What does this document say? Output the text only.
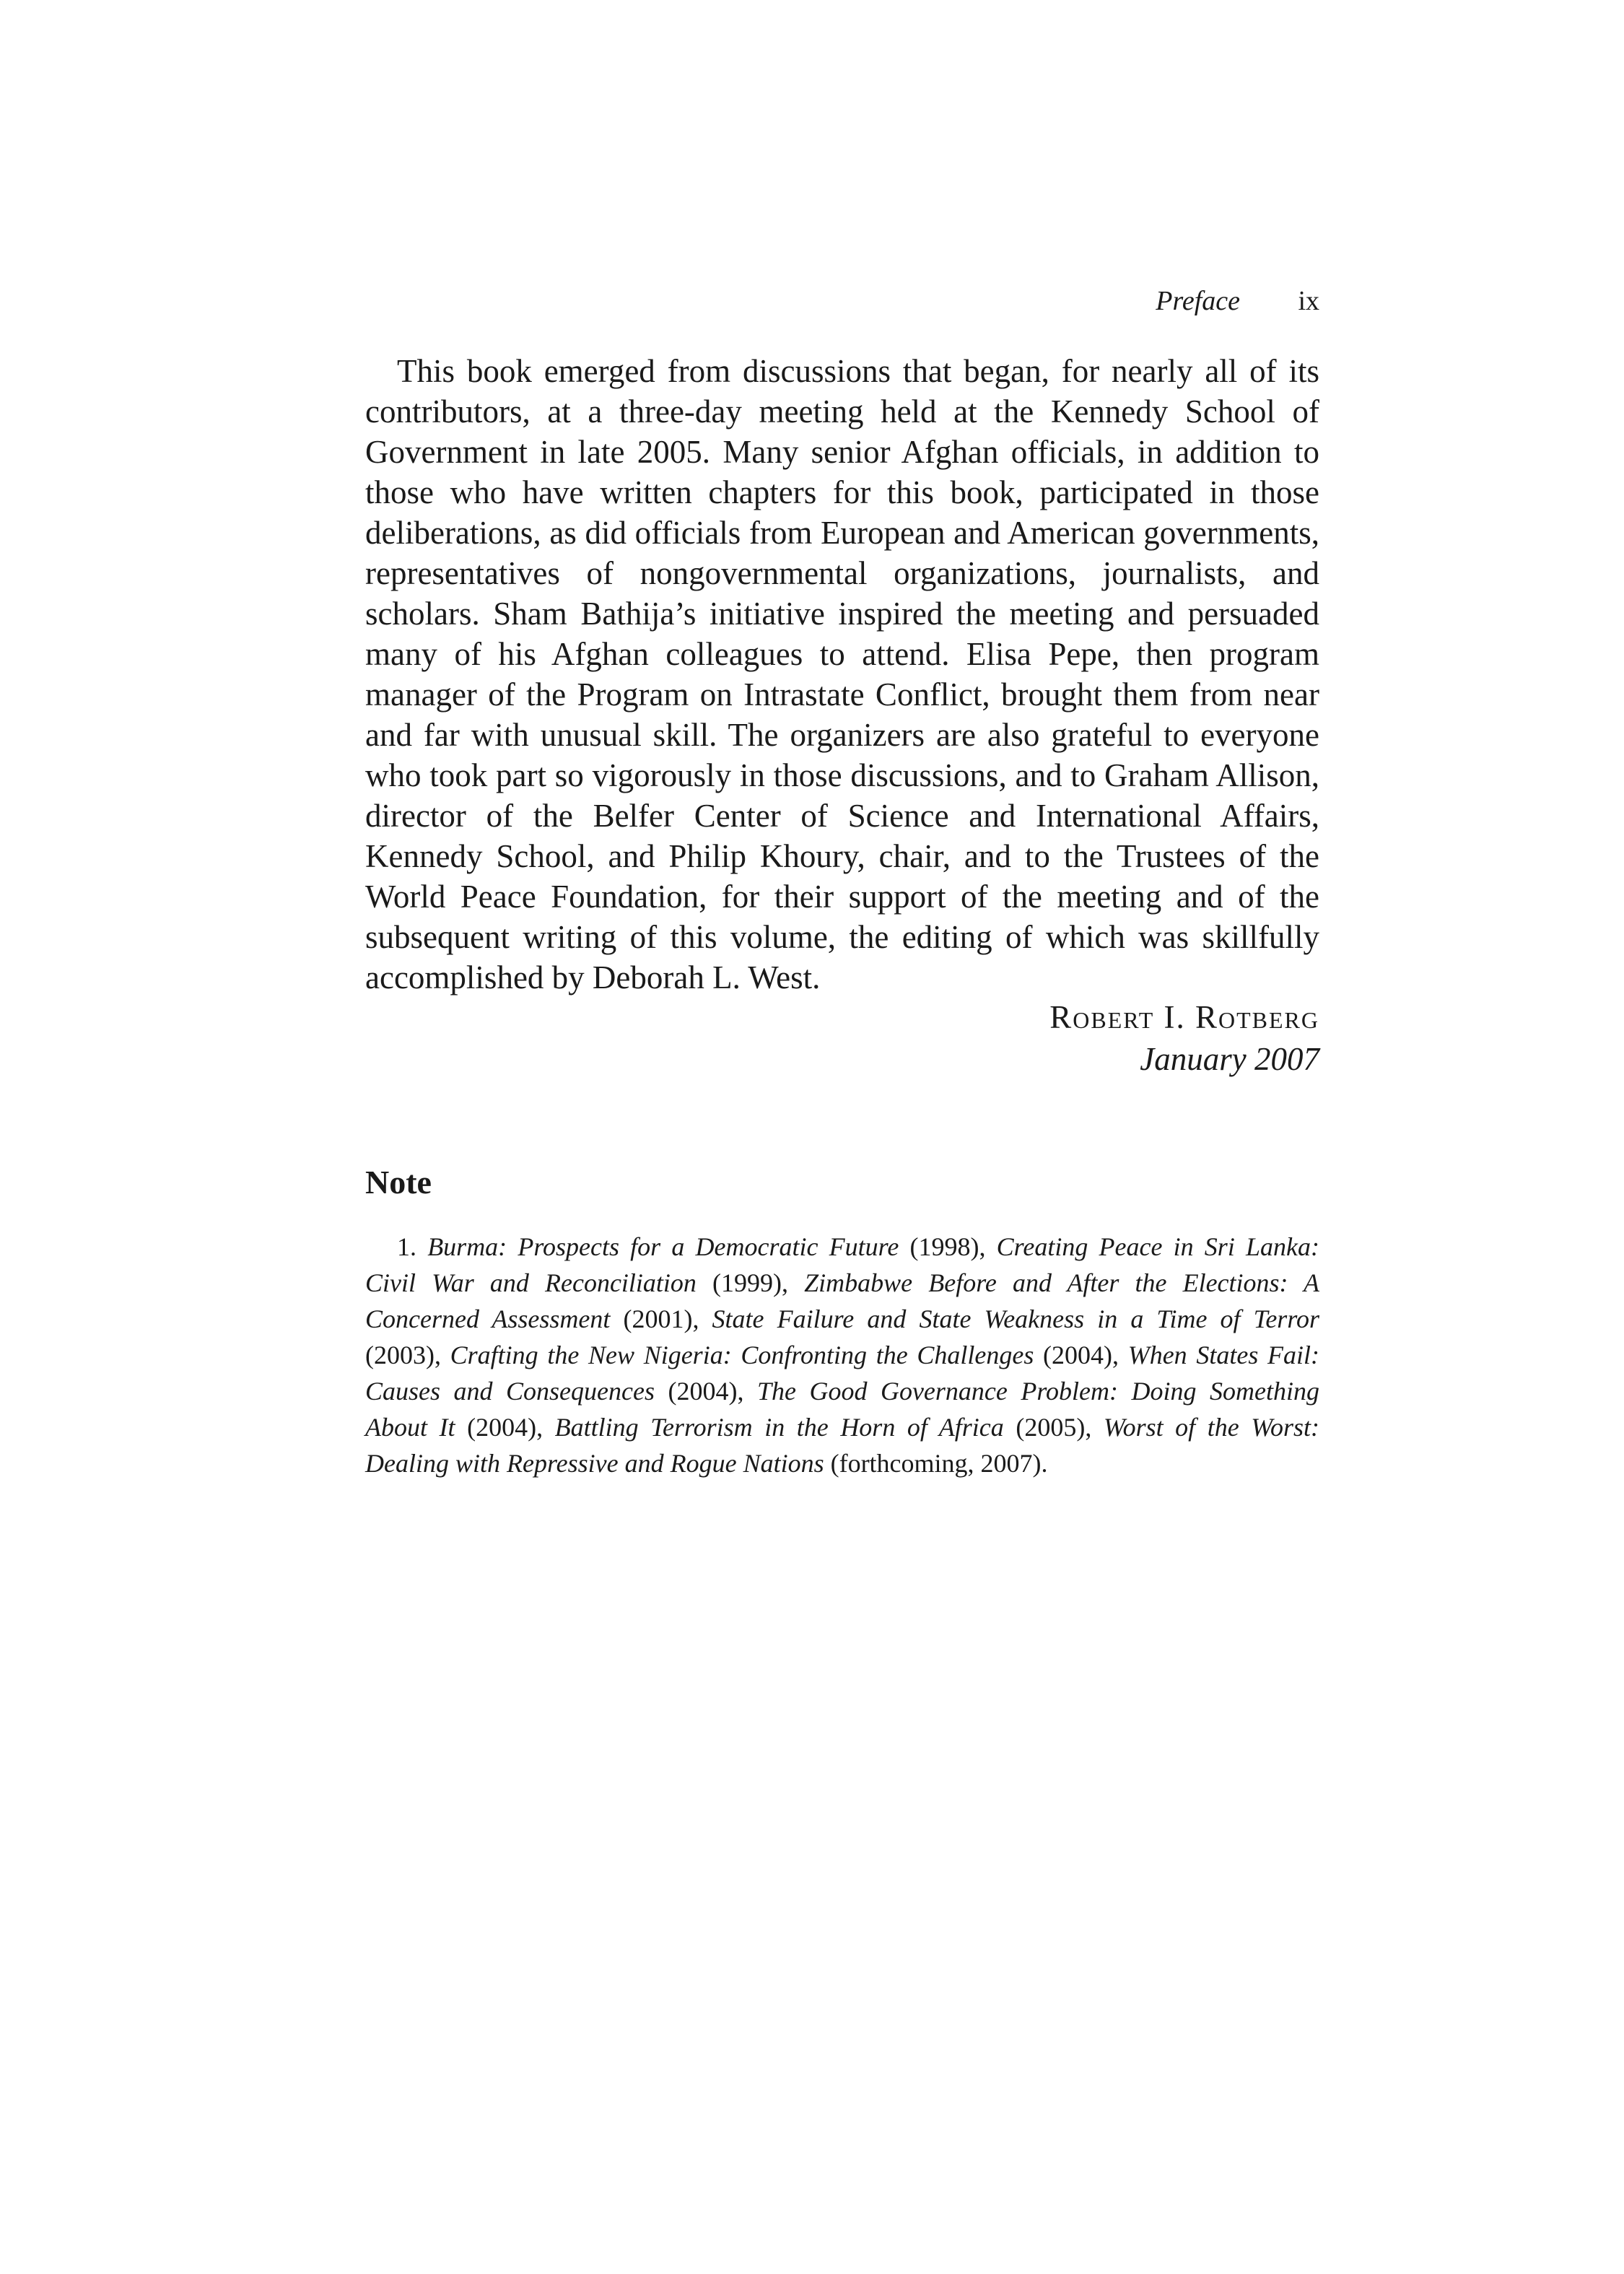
Preface ix

This book emerged from discussions that began, for nearly all of its contributors, at a three-day meeting held at the Kennedy School of Government in late 2005. Many senior Afghan officials, in addition to those who have written chapters for this book, participated in those deliberations, as did officials from European and American governments, representatives of nongovernmental organizations, journalists, and scholars. Sham Bathija’s initiative inspired the meeting and persuaded many of his Afghan colleagues to attend. Elisa Pepe, then program manager of the Program on Intrastate Conflict, brought them from near and far with unusual skill. The organizers are also grateful to everyone who took part so vigorously in those discussions, and to Graham Allison, director of the Belfer Center of Science and International Affairs, Kennedy School, and Philip Khoury, chair, and to the Trustees of the World Peace Foundation, for their support of the meeting and of the subsequent writing of this volume, the editing of which was skillfully accomplished by Deborah L. West.

Robert I. Rotberg
January 2007
Note

1. Burma: Prospects for a Democratic Future (1998), Creating Peace in Sri Lanka: Civil War and Reconciliation (1999), Zimbabwe Before and After the Elections: A Concerned Assessment (2001), State Failure and State Weakness in a Time of Terror (2003), Crafting the New Nigeria: Confronting the Challenges (2004), When States Fail: Causes and Consequences (2004), The Good Governance Problem: Doing Something About It (2004), Battling Terrorism in the Horn of Africa (2005), Worst of the Worst: Dealing with Repressive and Rogue Nations (forthcoming, 2007).
